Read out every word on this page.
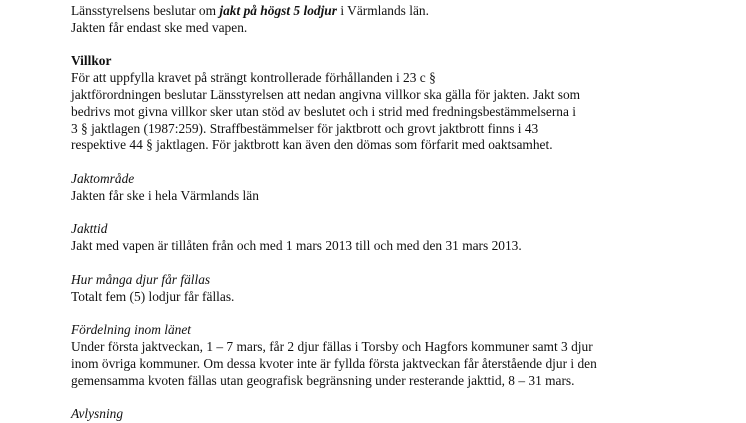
Länsstyrelsens beslutar om jakt på högst 5 lodjur i Värmlands län.

Jakten får endast ske med vapen.

Villkor

För att uppfylla kravet på strängt kontrollerade förhållanden i 23 c §

jaktförordningen beslutar Länsstyrelsen att nedan angivna villkor ska gälla för jakten. Jakt som

bedrivs mot givna villkor sker utan stöd av beslutet och i strid med fredningsbestämmelserna i

3 § jaktlagen (1987:259). Straffbestämmelser för jaktbrott och grovt jaktbrott finns i 43

respektive 44 § jaktlagen. För jaktbrott kan även den dömas som förfarit med oaktsamhet.

Jaktområde

Jakten får ske i hela Värmlands län

Jakttid

Jakt med vapen är tillåten från och med 1 mars 2013 till och med den 31 mars 2013.

Hur många djur får fällas

Totalt fem (5) lodjur får fällas.

Fördelning inom länet

Under första jaktveckan, 1 – 7 mars, får 2 djur fällas i Torsby och Hagfors kommuner samt 3 djur

inom övriga kommuner. Om dessa kvoter inte är fyllda första jaktveckan får återstående djur i den

gemensamma kvoten fällas utan geografisk begränsning under resterande jakttid, 8 – 31 mars.

Avlysning
